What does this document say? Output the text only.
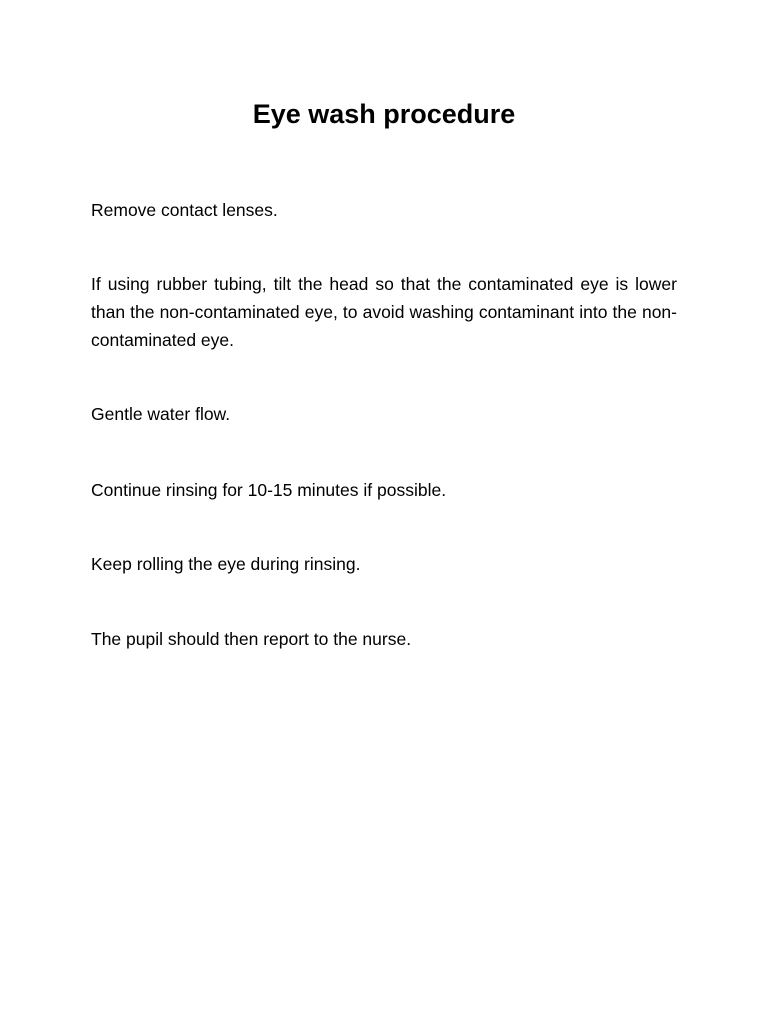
Eye wash procedure

Remove contact lenses.

If using rubber tubing, tilt the head so that the contaminated eye is lower than the non-contaminated eye, to avoid washing contaminant into the non-contaminated eye.

Gentle water flow.

Continue rinsing for 10-15 minutes if possible.

Keep rolling the eye during rinsing.

The pupil should then report to the nurse.
